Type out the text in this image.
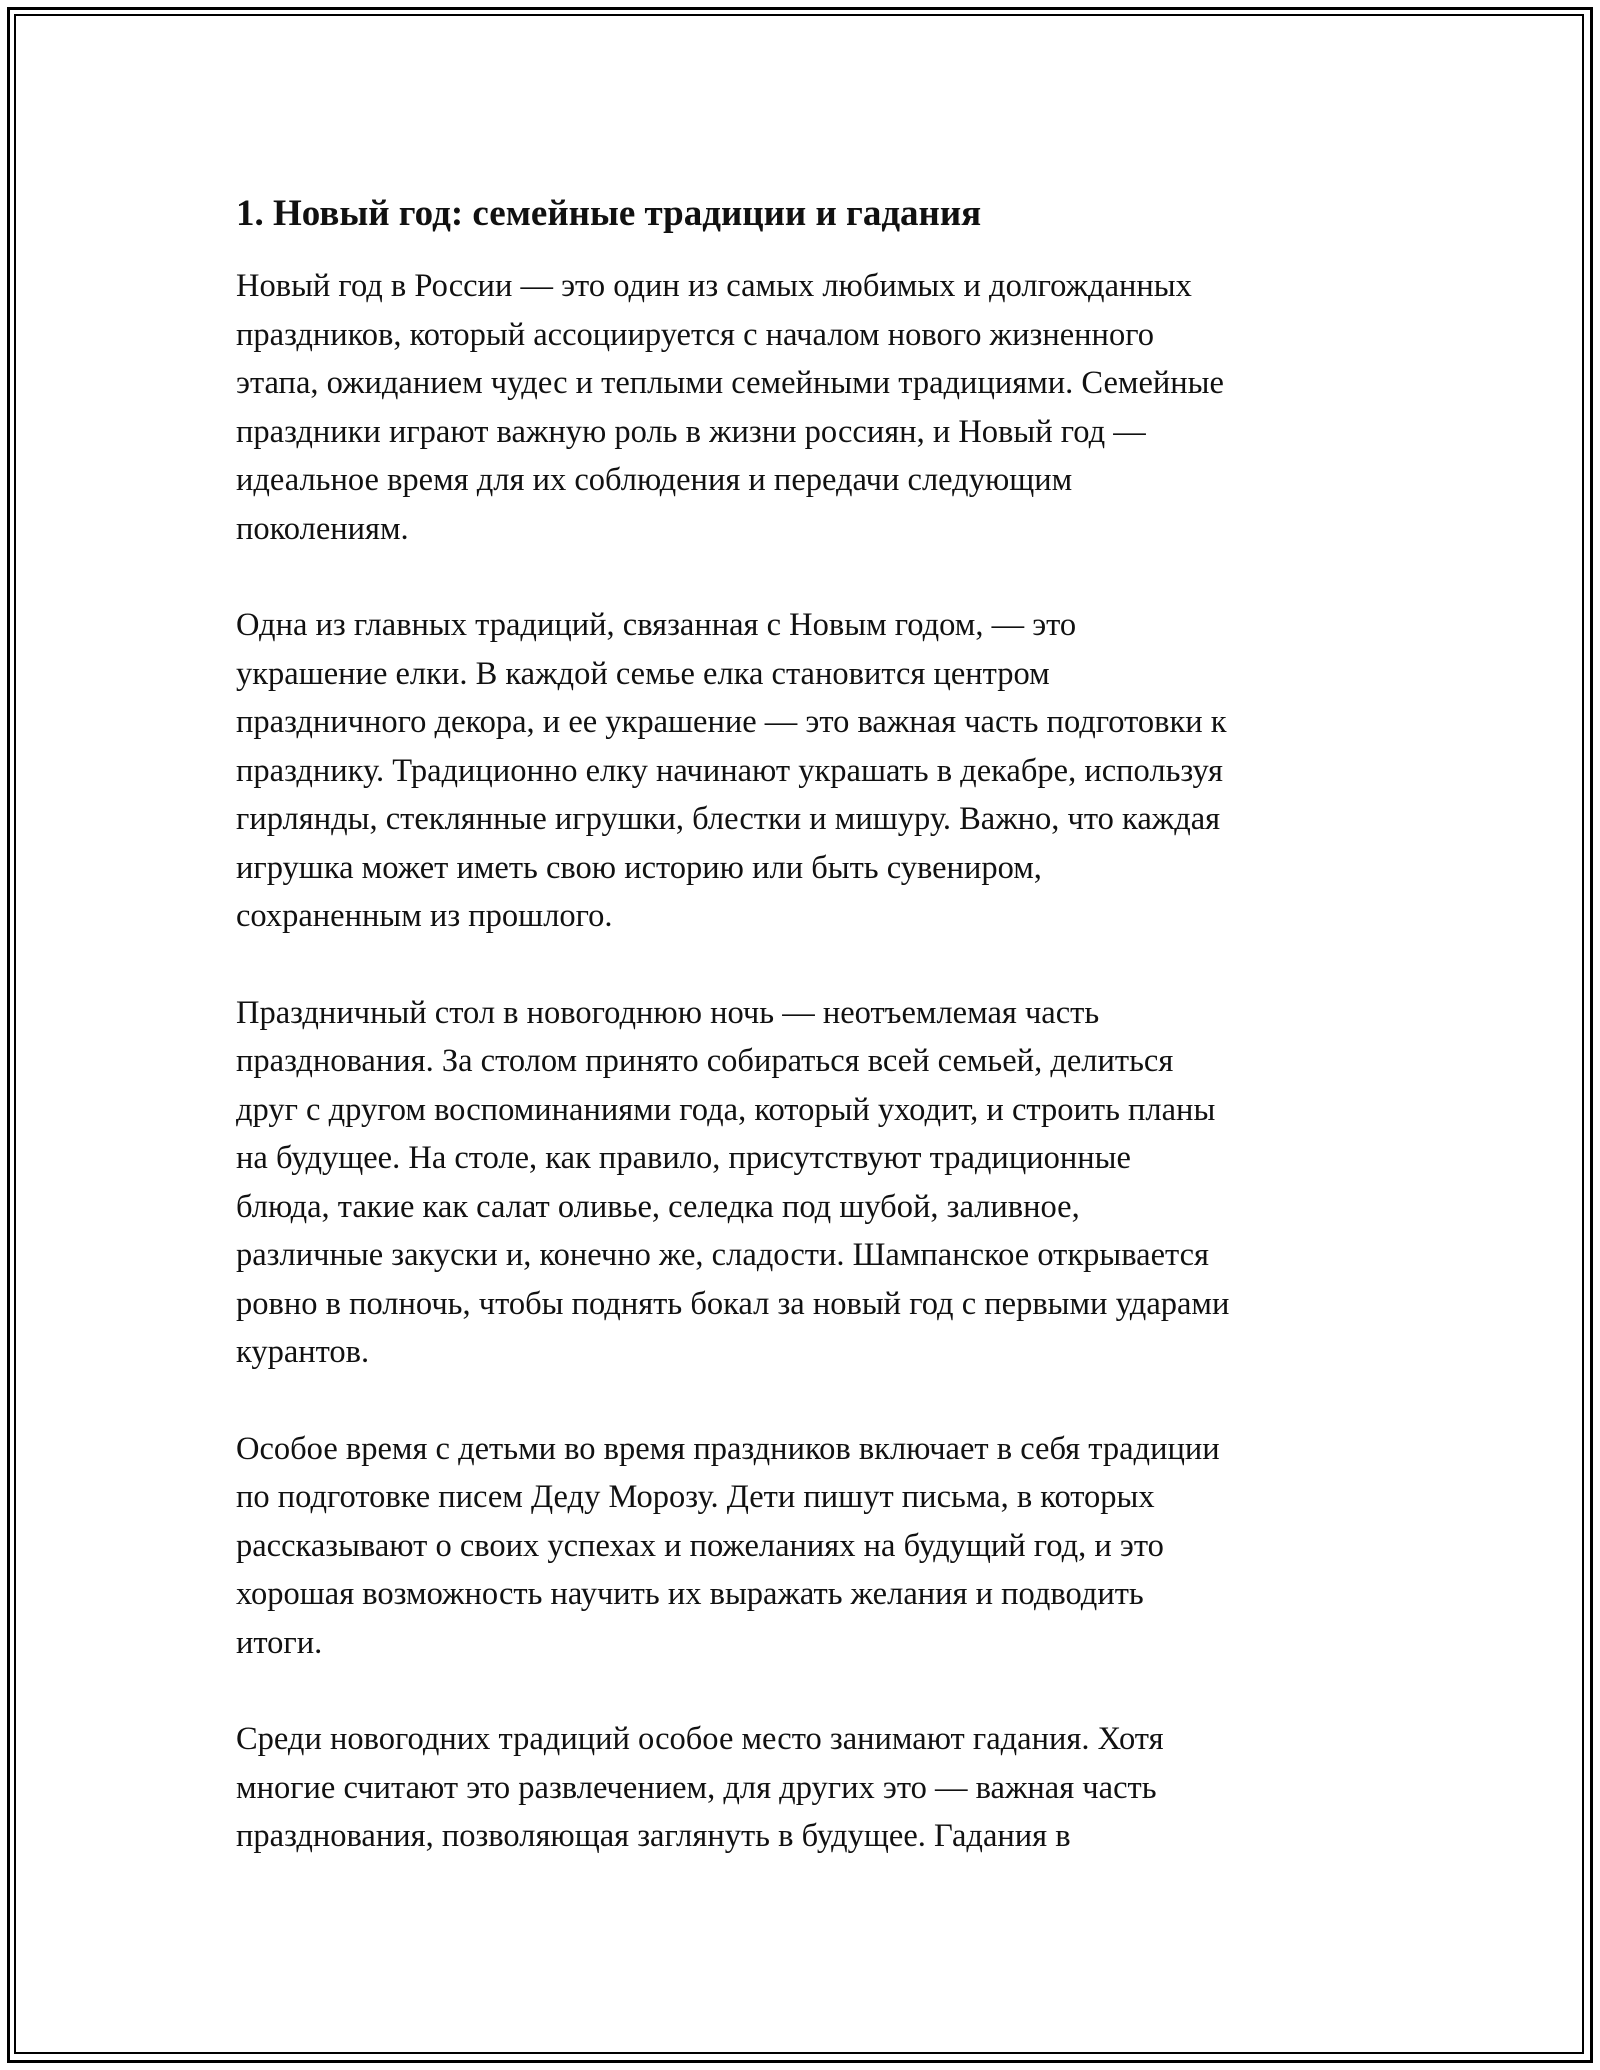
1. Новый год: семейные традиции и гадания

Новый год в России — это один из самых любимых и долгожданных
праздников, который ассоциируется с началом нового жизненного
этапа, ожиданием чудес и теплыми семейными традициями. Семейные
праздники играют важную роль в жизни россиян, и Новый год —
идеальное время для их соблюдения и передачи следующим
поколениям.

Одна из главных традиций, связанная с Новым годом, — это
украшение елки. В каждой семье елка становится центром
праздничного декора, и ее украшение — это важная часть подготовки к
празднику. Традиционно елку начинают украшать в декабре, используя
гирлянды, стеклянные игрушки, блестки и мишуру. Важно, что каждая
игрушка может иметь свою историю или быть сувениром,
сохраненным из прошлого.

Праздничный стол в новогоднюю ночь — неотъемлемая часть
празднования. За столом принято собираться всей семьей, делиться
друг с другом воспоминаниями года, который уходит, и строить планы
на будущее. На столе, как правило, присутствуют традиционные
блюда, такие как салат оливье, селедка под шубой, заливное,
различные закуски и, конечно же, сладости. Шампанское открывается
ровно в полночь, чтобы поднять бокал за новый год с первыми ударами
курантов.

Особое время с детьми во время праздников включает в себя традиции
по подготовке писем Деду Морозу. Дети пишут письма, в которых
рассказывают о своих успехах и пожеланиях на будущий год, и это
хорошая возможность научить их выражать желания и подводить
итоги.

Среди новогодних традиций особое место занимают гадания. Хотя
многие считают это развлечением, для других это — важная часть
празднования, позволяющая заглянуть в будущее. Гадания в
